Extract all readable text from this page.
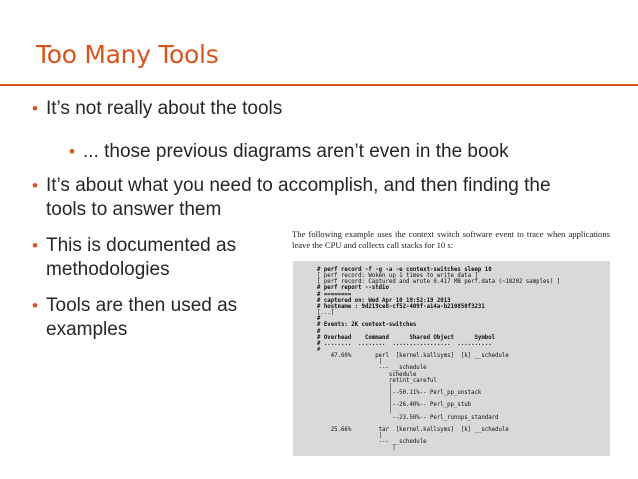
Too Many Tools
• It’s not really about the tools
• ... those previous diagrams aren’t even in the book
• It’s about what you need to accomplish, and then finding the
tools to answer them
• This is documented as
methodologies
• Tools are then used as
examples
The following example uses the context switch software event to trace when applications leave the CPU and collects call stacks for 10 s:
# perf record -f -g -a -e context-switches sleep 10
[ perf record: Woken up 1 times to write data ]
[ perf record: Captured and wrote 0.417 MB perf.data (~18202 samples) ]
# perf report --stdio
# ========
# captured on: Wed Apr 10 19:52:19 2013
# hostname : 9d219ce8-cf52-409f-a14a-b210850f3231
[...]
#
# Events: 2K context-switches
#
# Overhead    Command      Shared Object      Symbol
# ........  ........  .................  ..........
#
47.60%       perl  [kernel.kallsyms]  [k] __schedule
|
--- __schedule
schedule
retint_careful
|
|--50.11%-- Perl_pp_unstack
|
|--26.40%-- Perl_pp_stub
|
--23.50%-- Perl_runops_standard
25.66%        tar  [kernel.kallsyms]  [k] __schedule
|
--- __schedule
|
